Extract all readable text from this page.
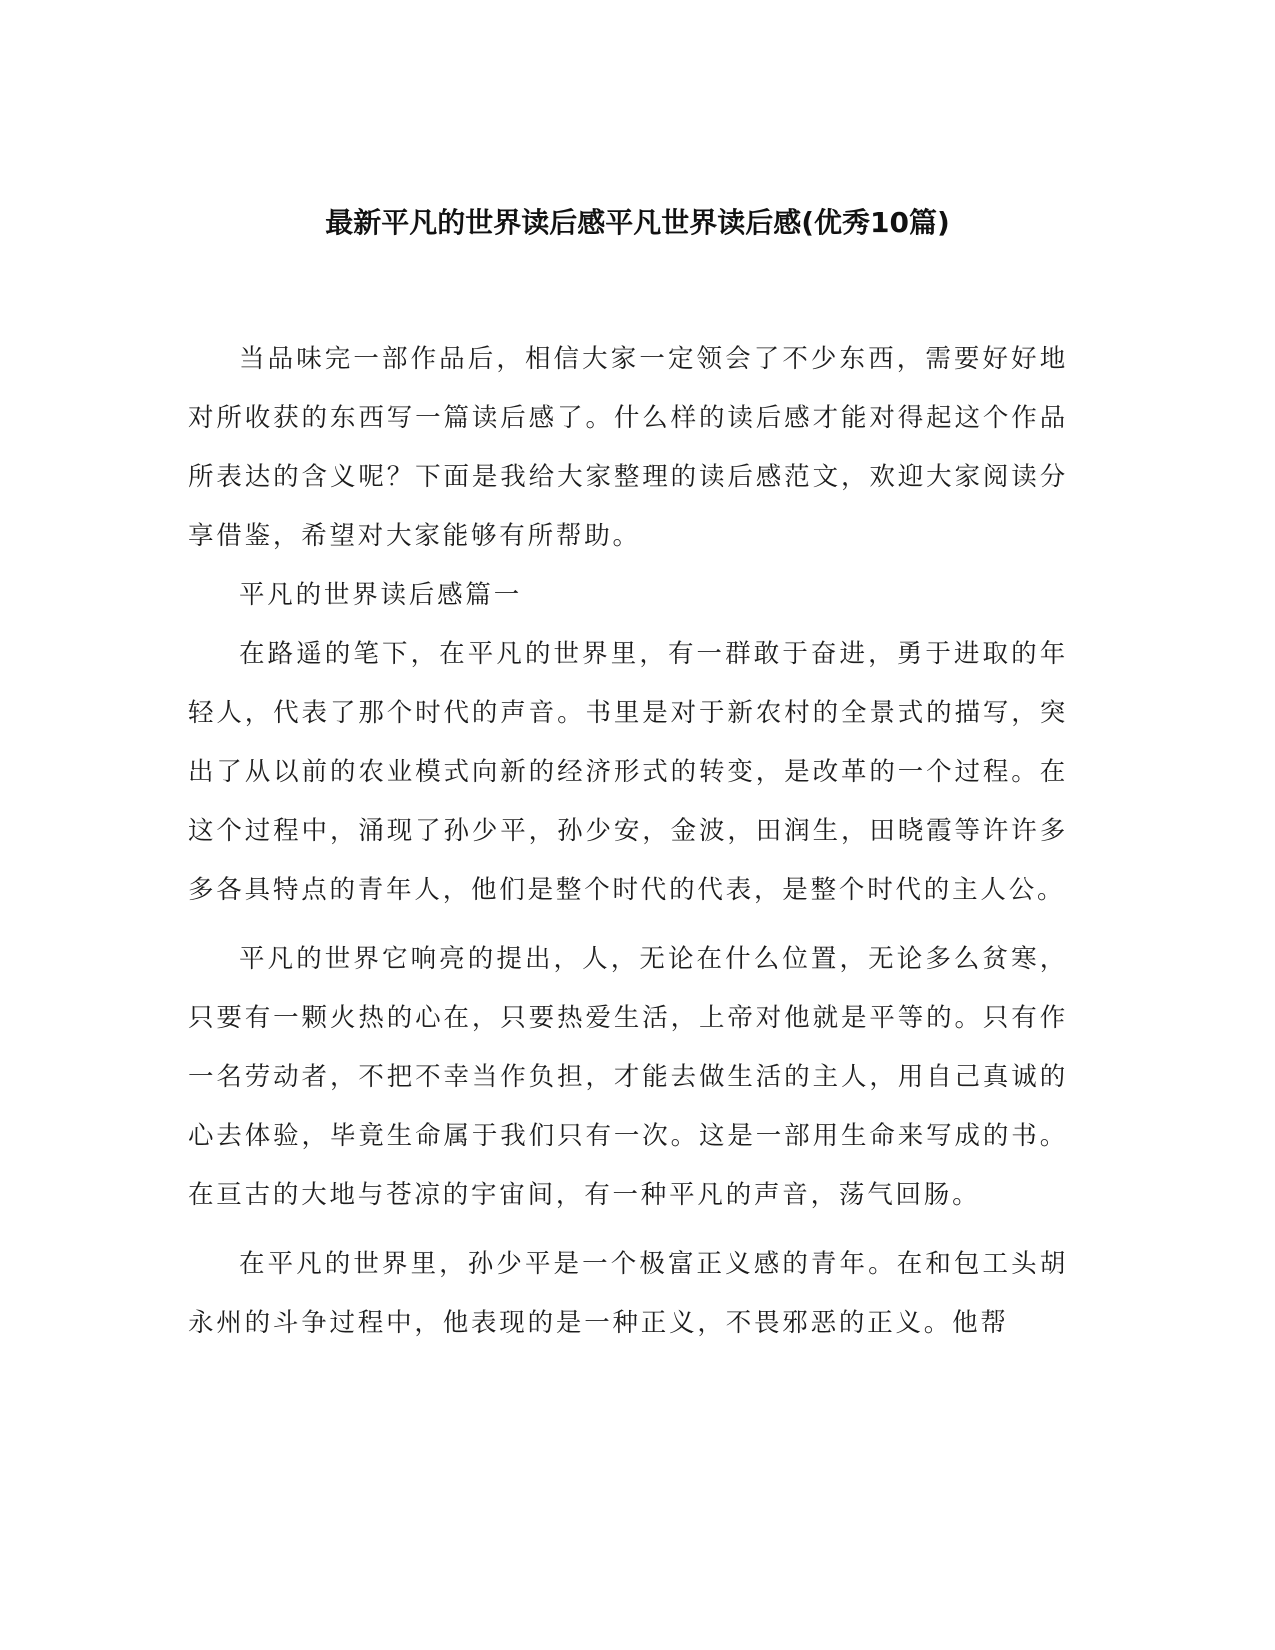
最新平凡的世界读后感平凡世界读后感(优秀10篇)

当品味完一部作品后，相信大家一定领会了不少东西，需要好好地对所收获的东西写一篇读后感了。什么样的读后感才能对得起这个作品所表达的含义呢？下面是我给大家整理的读后感范文，欢迎大家阅读分享借鉴，希望对大家能够有所帮助。

平凡的世界读后感篇一

在路遥的笔下，在平凡的世界里，有一群敢于奋进，勇于进取的年轻人，代表了那个时代的声音。书里是对于新农村的全景式的描写，突出了从以前的农业模式向新的经济形式的转变，是改革的一个过程。在这个过程中，涌现了孙少平，孙少安，金波，田润生，田晓霞等许许多多各具特点的青年人，他们是整个时代的代表，是整个时代的主人公。

平凡的世界它响亮的提出，人，无论在什么位置，无论多么贫寒，只要有一颗火热的心在，只要热爱生活，上帝对他就是平等的。只有作一名劳动者，不把不幸当作负担，才能去做生活的主人，用自己真诚的心去体验，毕竟生命属于我们只有一次。这是一部用生命来写成的书。在亘古的大地与苍凉的宇宙间，有一种平凡的声音，荡气回肠。

在平凡的世界里，孙少平是一个极富正义感的青年。在和包工头胡永州的斗争过程中，他表现的是一种正义，不畏邪恶的正义。他帮
